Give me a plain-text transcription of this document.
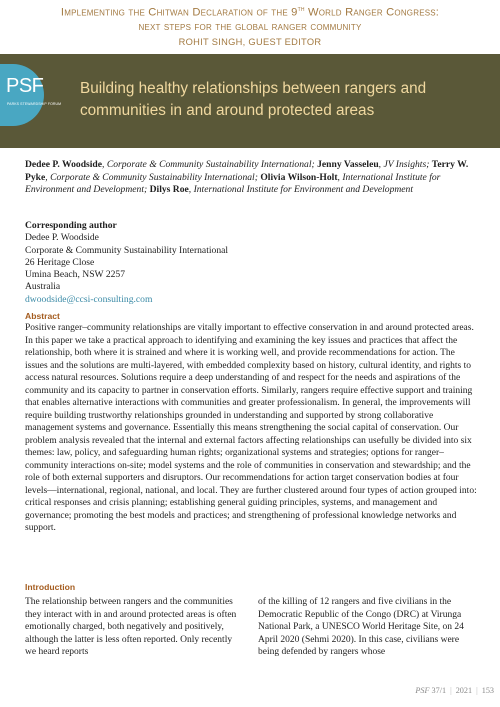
Implementing the Chitwan Declaration of the 9th World Ranger Congress:
next steps for the global ranger community
ROHIT SINGH, GUEST EDITOR
PSF
PARKS STEWARDSHIP FORUM
Building healthy relationships between rangers and communities in and around protected areas

Dedee P. Woodside, Corporate & Community Sustainability International; Jenny Vasseleu, JV Insights; Terry W. Pyke, Corporate & Community Sustainability International; Olivia Wilson-Holt, International Institute for Environment and Development; Dilys Roe, International Institute for Environment and Development

Corresponding author
Dedee P. Woodside
Corporate & Community Sustainability International
26 Heritage Close
Umina Beach, NSW 2257
Australia
dwoodside@ccsi-consulting.com
Abstract

Positive ranger–community relationships are vitally important to effective conservation in and around protected areas. In this paper we take a practical approach to identifying and examining the key issues and practices that affect the relationship, both where it is strained and where it is working well, and provide recommendations for action. The issues and the solutions are multi-layered, with embedded complexity based on history, cultural identity, and rights to access natural resources. Solutions require a deep understanding of and respect for the needs and aspirations of the community and its capacity to partner in conservation efforts. Similarly, rangers require effective support and training that enables alternative interactions with communities and greater professionalism. In general, the improvements will require building trustworthy relationships grounded in understanding and supported by strong collaborative management systems and governance. Essentially this means strengthening the social capital of conservation. Our problem analysis revealed that the internal and external factors affecting relationships can usefully be divided into six themes: law, policy, and safeguarding human rights; organizational systems and strategies; options for ranger–community interactions on-site; model systems and the role of communities in conservation and stewardship; and the role of both external supporters and disruptors. Our recommendations for action target conservation bodies at four levels—international, regional, national, and local. They are further clustered around four types of action grouped into: critical responses and crisis planning; establishing general guiding principles, systems, and management and governance; promoting the best models and practices; and strengthening of professional knowledge networks and support.

Introduction

The relationship between rangers and the communities they interact with in and around protected areas is often emotionally charged, both negatively and positively, although the latter is less often reported. Only recently we heard reports

of the killing of 12 rangers and five civilians in the Democratic Republic of the Congo (DRC) at Virunga National Park, a UNESCO World Heritage Site, on 24 April 2020 (Sehmi 2020). In this case, civilians were being defended by rangers whose

PSF 37/1 | 2021 | 153
